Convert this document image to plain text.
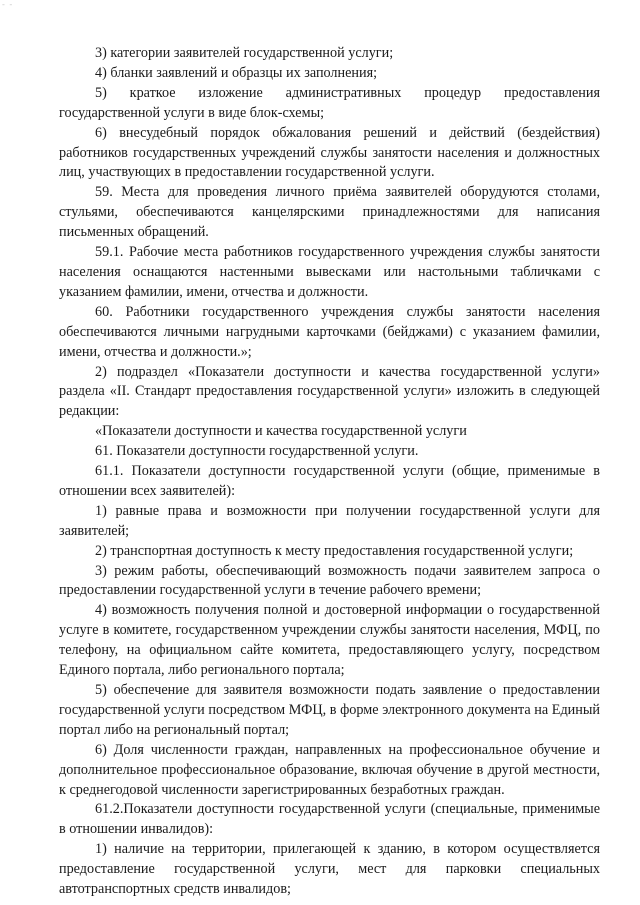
- -

3) категории заявителей государственной услуги;

4) бланки заявлений и образцы их заполнения;

5) краткое изложение административных процедур предоставления государственной услуги в виде блок-схемы;

6) внесудебный порядок обжалования решений и действий (бездействия) работников государственных учреждений службы занятости населения и должностных лиц, участвующих в предоставлении государственной услуги.

59. Места для проведения личного приёма заявителей оборудуются столами, стульями, обеспечиваются канцелярскими принадлежностями для написания письменных обращений.

59.1. Рабочие места работников государственного учреждения службы занятости населения оснащаются настенными вывесками или настольными табличками с указанием фамилии, имени, отчества и должности.

60. Работники государственного учреждения службы занятости населения обеспечиваются личными нагрудными карточками (бейджами) с указанием фамилии, имени, отчества и должности.»;

2) подраздел «Показатели доступности и качества государственной услуги» раздела «II. Стандарт предоставления государственной услуги» изложить в следующей редакции:

«Показатели доступности и качества государственной услуги

61. Показатели доступности государственной услуги.

61.1. Показатели доступности государственной услуги (общие, применимые в отношении всех заявителей):

1) равные права и возможности при получении государственной услуги для заявителей;

2) транспортная доступность к месту предоставления государственной услуги;

3) режим работы, обеспечивающий возможность подачи заявителем запроса о предоставлении государственной услуги в течение рабочего времени;

4) возможность получения полной и достоверной информации о государственной услуге в комитете, государственном учреждении службы занятости населения, МФЦ, по телефону, на официальном сайте комитета, предоставляющего услугу, посредством Единого портала, либо регионального портала;

5) обеспечение для заявителя возможности подать заявление о предоставлении государственной услуги посредством МФЦ, в форме электронного документа на Единый портал либо на региональный портал;

6) Доля численности граждан, направленных на профессиональное обучение и дополнительное профессиональное образование, включая обучение в другой местности, к среднегодовой численности зарегистрированных безработных граждан.

61.2.Показатели доступности государственной услуги (специальные, применимые в отношении инвалидов):

1) наличие на территории, прилегающей к зданию, в котором осуществляется предоставление государственной услуги, мест для парковки специальных автотранспортных средств инвалидов;
